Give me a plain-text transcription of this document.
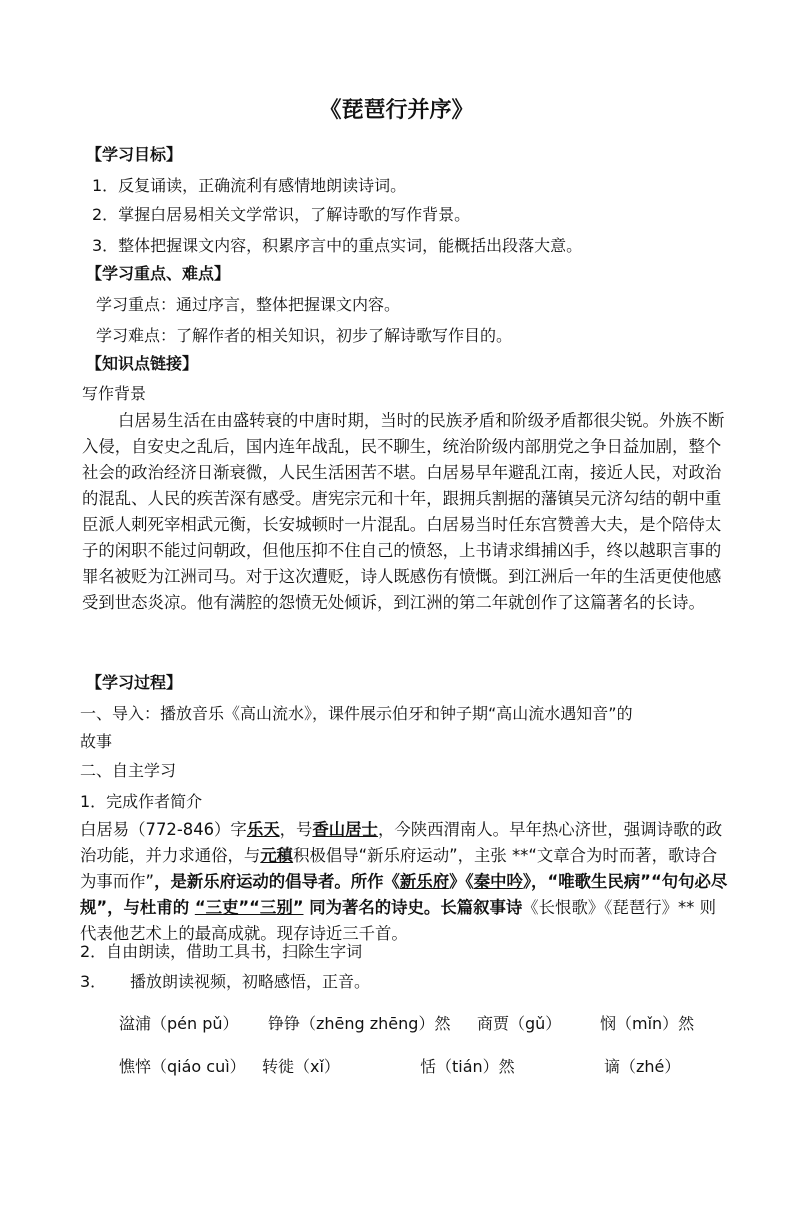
《琵琶行并序》
【学习目标】
1．反复诵读，正确流利有感情地朗读诗词。
2．掌握白居易相关文学常识，了解诗歌的写作背景。
3．整体把握课文内容，积累序言中的重点实词，能概括出段落大意。
【学习重点、难点】
学习重点：通过序言，整体把握课文内容。
学习难点：了解作者的相关知识，初步了解诗歌写作目的。
【知识点链接】
写作背景

白居易生活在由盛转衰的中唐时期，当时的民族矛盾和阶级矛盾都很尖锐。外族不断入侵，自安史之乱后，国内连年战乱，民不聊生，统治阶级内部朋党之争日益加剧，整个社会的政治经济日渐衰微，人民生活困苦不堪。白居易早年避乱江南，接近人民，对政治的混乱、人民的疾苦深有感受。唐宪宗元和十年，跟拥兵割据的藩镇吴元济勾结的朝中重臣派人刺死宰相武元衡，长安城顿时一片混乱。白居易当时任东宫赞善大夫，是个陪侍太子的闲职不能过问朝政，但他压抑不住自己的愤怒，上书请求缉捕凶手，终以越职言事的罪名被贬为江洲司马。对于这次遭贬，诗人既感伤有愤慨。到江洲后一年的生活更使他感受到世态炎凉。他有满腔的怨愤无处倾诉，到江洲的第二年就创作了这篇著名的长诗。

【学习过程】
一、导入：播放音乐《高山流水》，课件展示伯牙和钟子期“高山流水遇知音”的
故事
二、自主学习
1．完成作者简介

白居易（772-846）字乐天，号香山居士，今陕西渭南人。早年热心济世，强调诗歌的政治功能，并力求通俗，与元稹积极倡导“新乐府运动”，主张 **“文章合为时而著，歌诗合为事而作”，是新乐府运动的倡导者。所作《新乐府》《秦中吟》，“唯歌生民病”“句句必尽规”，与杜甫的 “三吏”“三别” 同为著名的诗史。长篇叙事诗《长恨歌》《琵琶行》** 则代表他艺术上的最高成就。现存诗近三千首。

2．自由朗读，借助工具书，扫除生字词
3． 播放朗读视频，初略感悟，正音。
湓浦（pén pǔ） 铮铮（zhēng zhēng）然 商贾（gǔ） 悯（mǐn）然
憔悴（qiáo cuì） 转徙（xǐ）	恬（tián）然	谪（zhé）
